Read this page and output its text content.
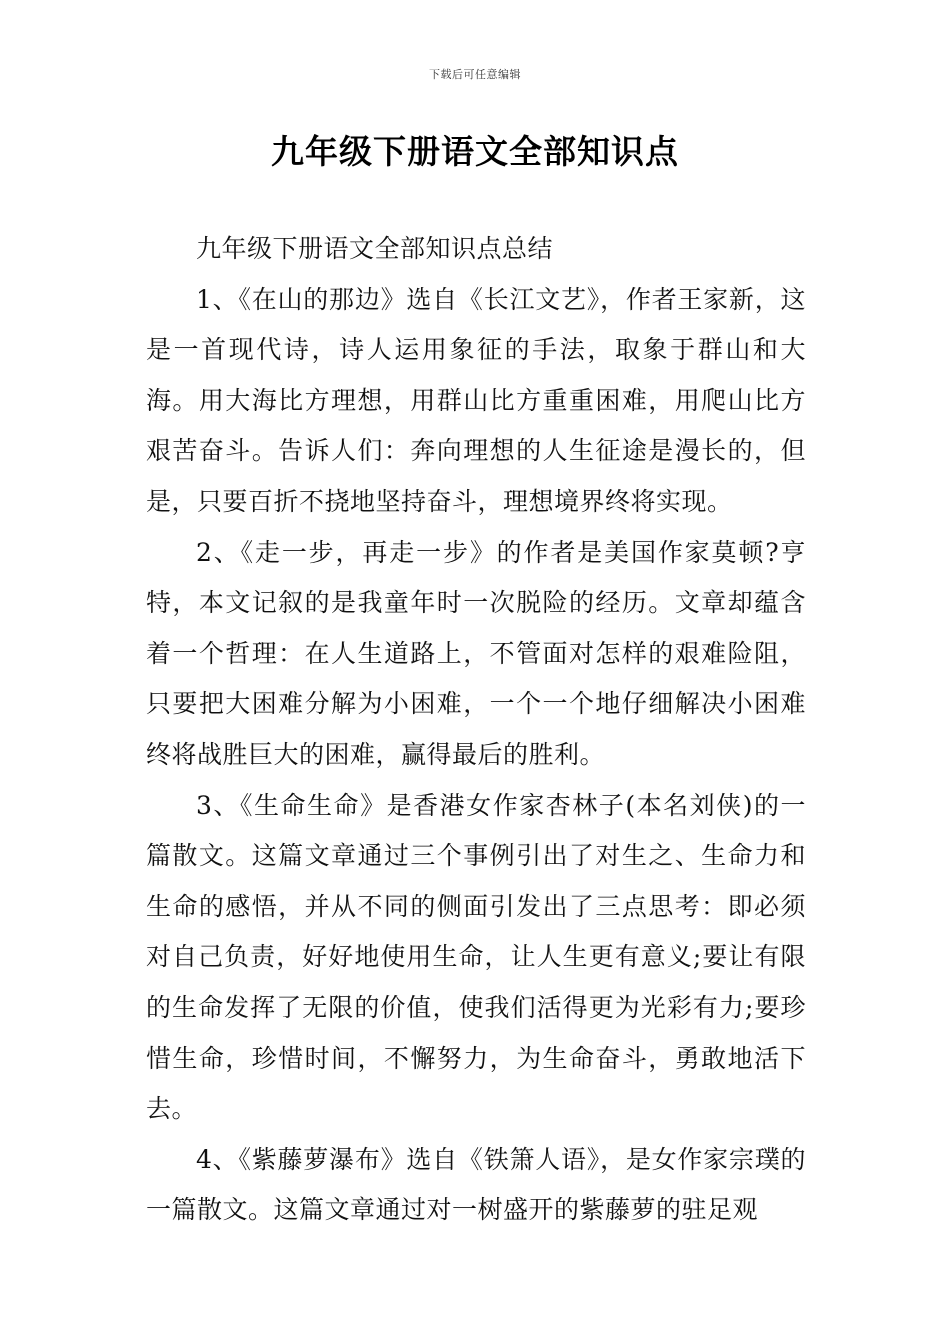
下载后可任意编辑
九年级下册语文全部知识点

九年级下册语文全部知识点总结

1、《在山的那边》选自《长江文艺》，作者王家新，这是一首现代诗，诗人运用象征的手法，取象于群山和大海。用大海比方理想，用群山比方重重困难，用爬山比方艰苦奋斗。告诉人们：奔向理想的人生征途是漫长的，但是，只要百折不挠地坚持奋斗，理想境界终将实现。

2、《走一步，再走一步》的作者是美国作家莫顿?亨特，本文记叙的是我童年时一次脱险的经历。文章却蕴含着一个哲理：在人生道路上，不管面对怎样的艰难险阻，只要把大困难分解为小困难，一个一个地仔细解决小困难终将战胜巨大的困难，赢得最后的胜利。

3、《生命生命》是香港女作家杏林子(本名刘侠)的一篇散文。这篇文章通过三个事例引出了对生之、生命力和生命的感悟，并从不同的侧面引发出了三点思考：即必须对自己负责，好好地使用生命，让人生更有意义;要让有限的生命发挥了无限的价值，使我们活得更为光彩有力;要珍惜生命，珍惜时间，不懈努力，为生命奋斗，勇敢地活下去。

4、《紫藤萝瀑布》选自《铁箫人语》，是女作家宗璞的一篇散文。这篇文章通过对一树盛开的紫藤萝的驻足观
